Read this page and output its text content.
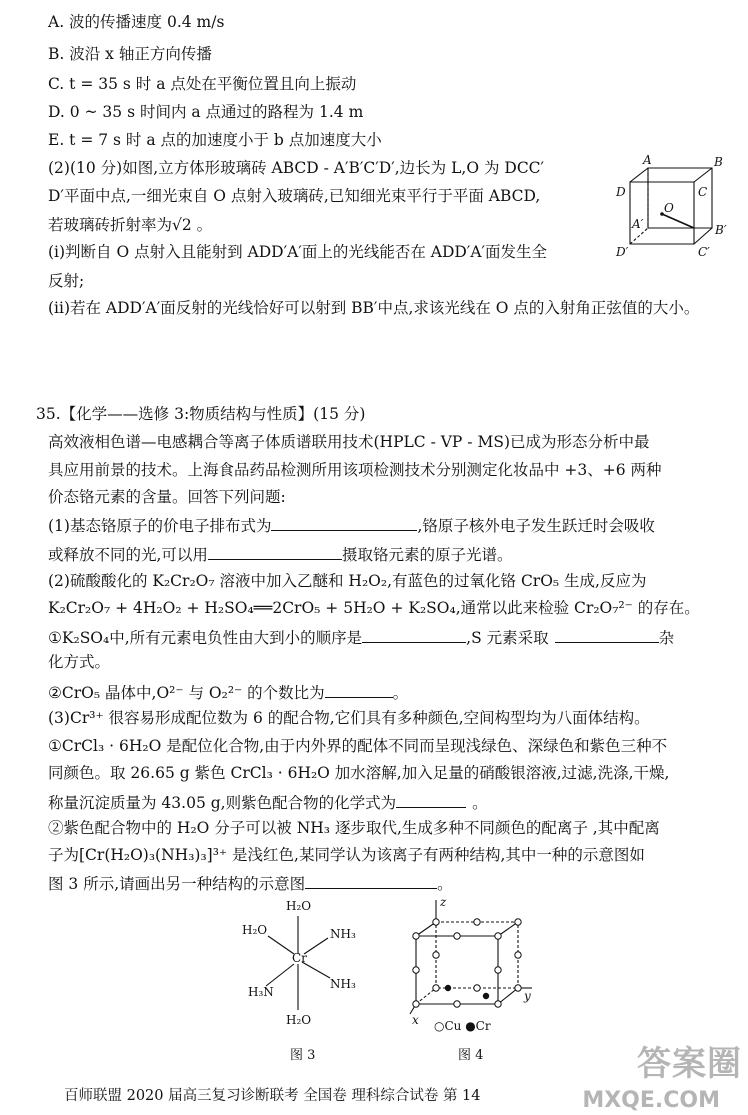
A. 波的传播速度 0.4 m/s
B. 波沿 x 轴正方向传播
C. t = 35 s 时 a 点处在平衡位置且向上振动
D. 0 ~ 35 s 时间内 a 点通过的路程为 1.4 m
E. t = 7 s 时 a 点的加速度小于 b 点加速度大小
(2)(10 分)如图,立方体形玻璃砖 ABCD - A′B′C′D′,边长为 L,O 为 DCC′
D′平面中点,一细光束自 O 点射入玻璃砖,已知细光束平行于平面 ABCD,
若玻璃砖折射率为√2 。
(ⅰ)判断自 O 点射入且能射到 ADD′A′面上的光线能否在 ADD′A′面发生全
反射;
(ⅱ)若在 ADD′A′面反射的光线恰好可以射到 BB′中点,求该光线在 O 点的入射角正弦值的大小。
A	B
C
D
A′	B′
C′
D′
O
35.【化学——选修 3:物质结构与性质】(15 分)
高效液相色谱—电感耦合等离子体质谱联用技术(HPLC - VP - MS)已成为形态分析中最
具应用前景的技术。上海食品药品检测所用该项检测技术分别测定化妆品中 +3、+6 两种
价态铬元素的含量。回答下列问题:
(1)基态铬原子的价电子排布式为	,铬原子核外电子发生跃迁时会吸收
或释放不同的光,可以用	摄取铬元素的原子光谱。
(2)硫酸酸化的 K₂Cr₂O₇ 溶液中加入乙醚和 H₂O₂,有蓝色的过氧化铬 CrO₅ 生成,反应为
K₂Cr₂O₇ + 4H₂O₂ + H₂SO₄══2CrO₅ + 5H₂O + K₂SO₄,通常以此来检验 Cr₂O₇²⁻ 的存在。
①K₂SO₄中,所有元素电负性由大到小的顺序是	,S 元素采取	杂
化方式。
②CrO₅ 晶体中,O²⁻ 与 O₂²⁻ 的个数比为	。
(3)Cr³⁺ 很容易形成配位数为 6 的配合物,它们具有多种颜色,空间构型均为八面体结构。
①CrCl₃ · 6H₂O 是配位化合物,由于内外界的配体不同而呈现浅绿色、深绿色和紫色三种不
同颜色。取 26.65 g 紫色 CrCl₃ · 6H₂O 加水溶解,加入足量的硝酸银溶液,过滤,洗涤,干燥,
称量沉淀质量为 43.05 g,则紫色配合物的化学式为	。
②紫色配合物中的 H₂O 分子可以被 NH₃ 逐步取代,生成多种不同颜色的配离子 ,其中配离
子为[Cr(H₂O)₃(NH₃)₃]³⁺ 是浅红色,某同学认为该离子有两种结构,其中一种的示意图如
图 3 所示,请画出另一种结构的示意图	。
Cr
H₂O
H₂O
H₂O	NH₃
H₃N
NH₃
图 3
z
y
x ○Cu ●Cr
图 4
百师联盟 2020 届高三复习诊断联考 全国卷 理科综合试卷 第 14
答案圈
MXQE.COM
